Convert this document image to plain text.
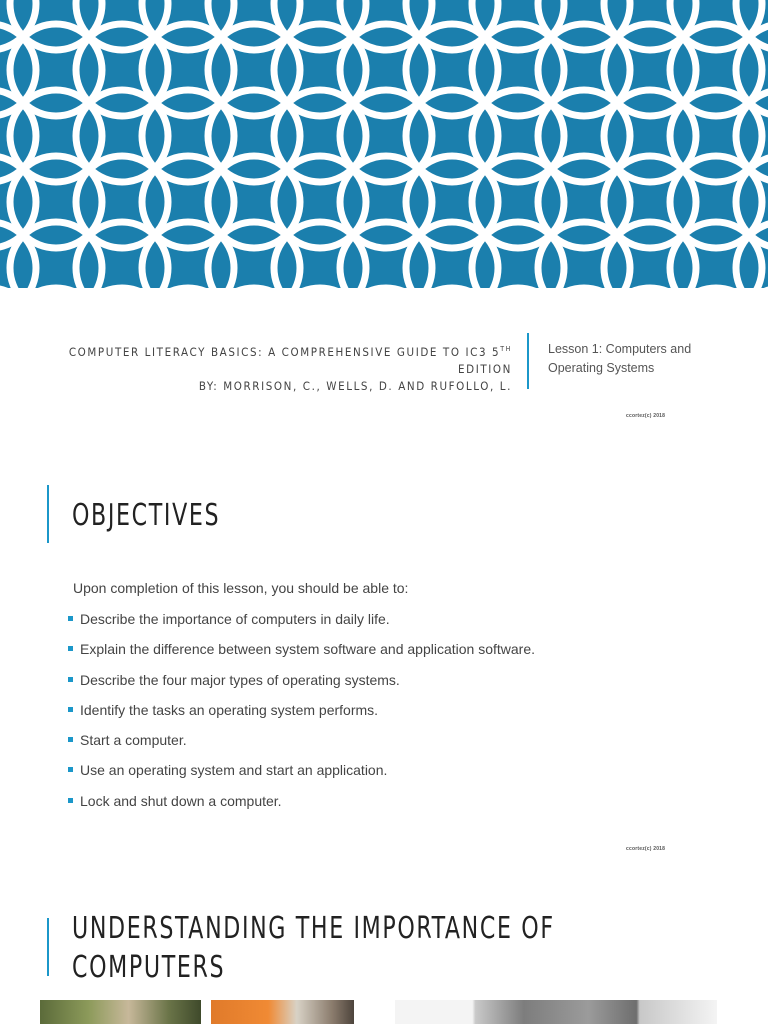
COMPUTER LITERACY BASICS: A COMPREHENSIVE GUIDE TO IC3 5TH EDITION
BY: MORRISON, C., WELLS, D. AND RUFOLLO, L.
Lesson 1: Computers and Operating Systems
ccortez(c) 2018
OBJECTIVES
Upon completion of this lesson, you should be able to:
Describe the importance of computers in daily life.
Explain the difference between system software and application software.
Describe the four major types of operating systems.
Identify the tasks an operating system performs.
Start a computer.
Use an operating system and start an application.
Lock and shut down a computer.
ccortez(c) 2018
UNDERSTANDING THE IMPORTANCE OF
COMPUTERS
